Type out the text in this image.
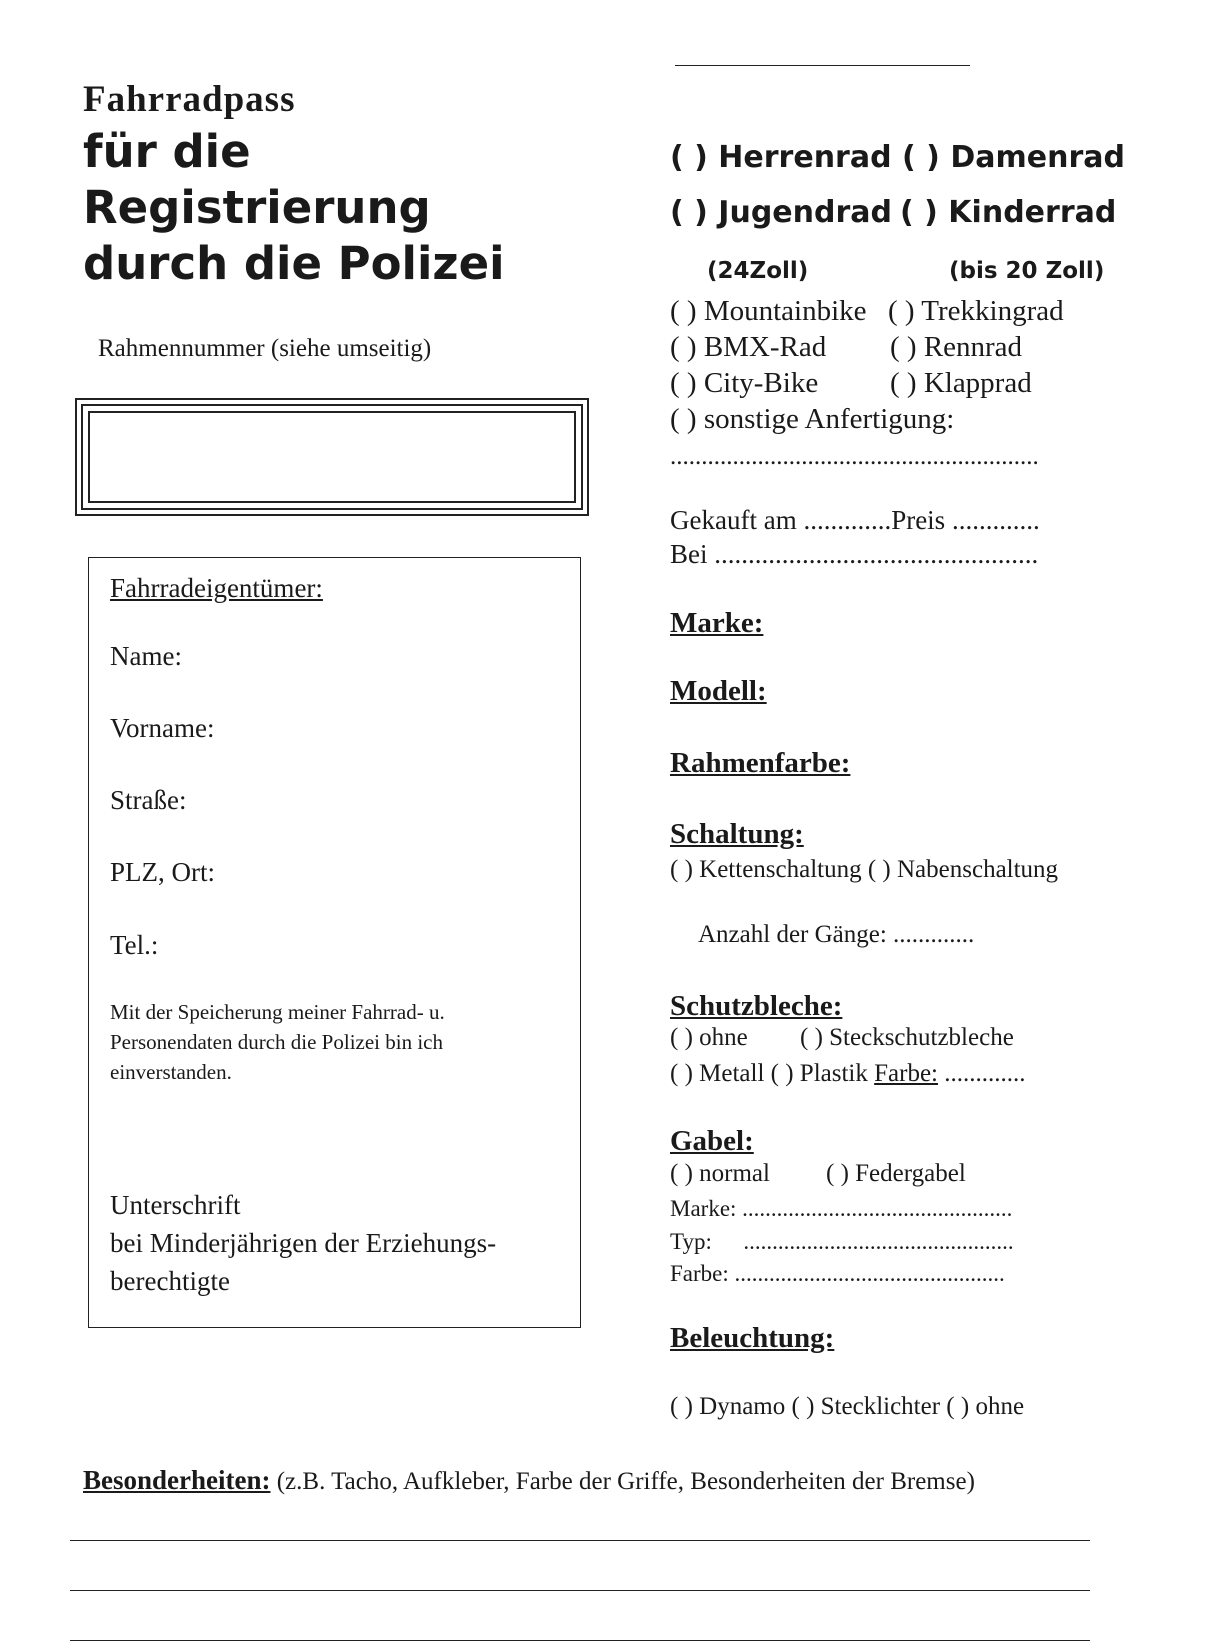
Fahrradpass
für die
Registrierung
durch die Polizei
Rahmennummer (siehe umseitig)
Fahrradeigentümer:
Name:
Vorname:
Straße:
PLZ, Ort:
Tel.:
Mit der Speicherung meiner Fahrrad- u.
Personendaten durch die Polizei bin ich
einverstanden.
Unterschrift
bei Minderjährigen der Erziehungs-
berechtigte
( ) Herrenrad ( ) Damenrad
( ) Jugendrad ( ) Kinderrad
(24Zoll)	(bis 20 Zoll)
( ) Mountainbike ( ) Trekkingrad
( ) BMX-Rad ( ) Rennrad
( ) City-Bike ( ) Klapprad
( ) sonstige Anfertigung:
...........................................................
Gekauft am .............Preis .............
Bei ................................................
Marke:
Modell:
Rahmenfarbe:
Schaltung:
( ) Kettenschaltung ( ) Nabenschaltung
Anzahl der Gänge: .............
Schutzbleche:
( ) ohne ( ) Steckschutzbleche
( ) Metall ( ) Plastik Farbe: .............
Gabel:
( ) normal ( ) Federgabel
Marke: ...............................................
Typ: ...............................................
Farbe: ...............................................
Beleuchtung:
( ) Dynamo ( ) Stecklichter ( ) ohne
Besonderheiten: (z.B. Tacho, Aufkleber, Farbe der Griffe, Besonderheiten der Bremse)
